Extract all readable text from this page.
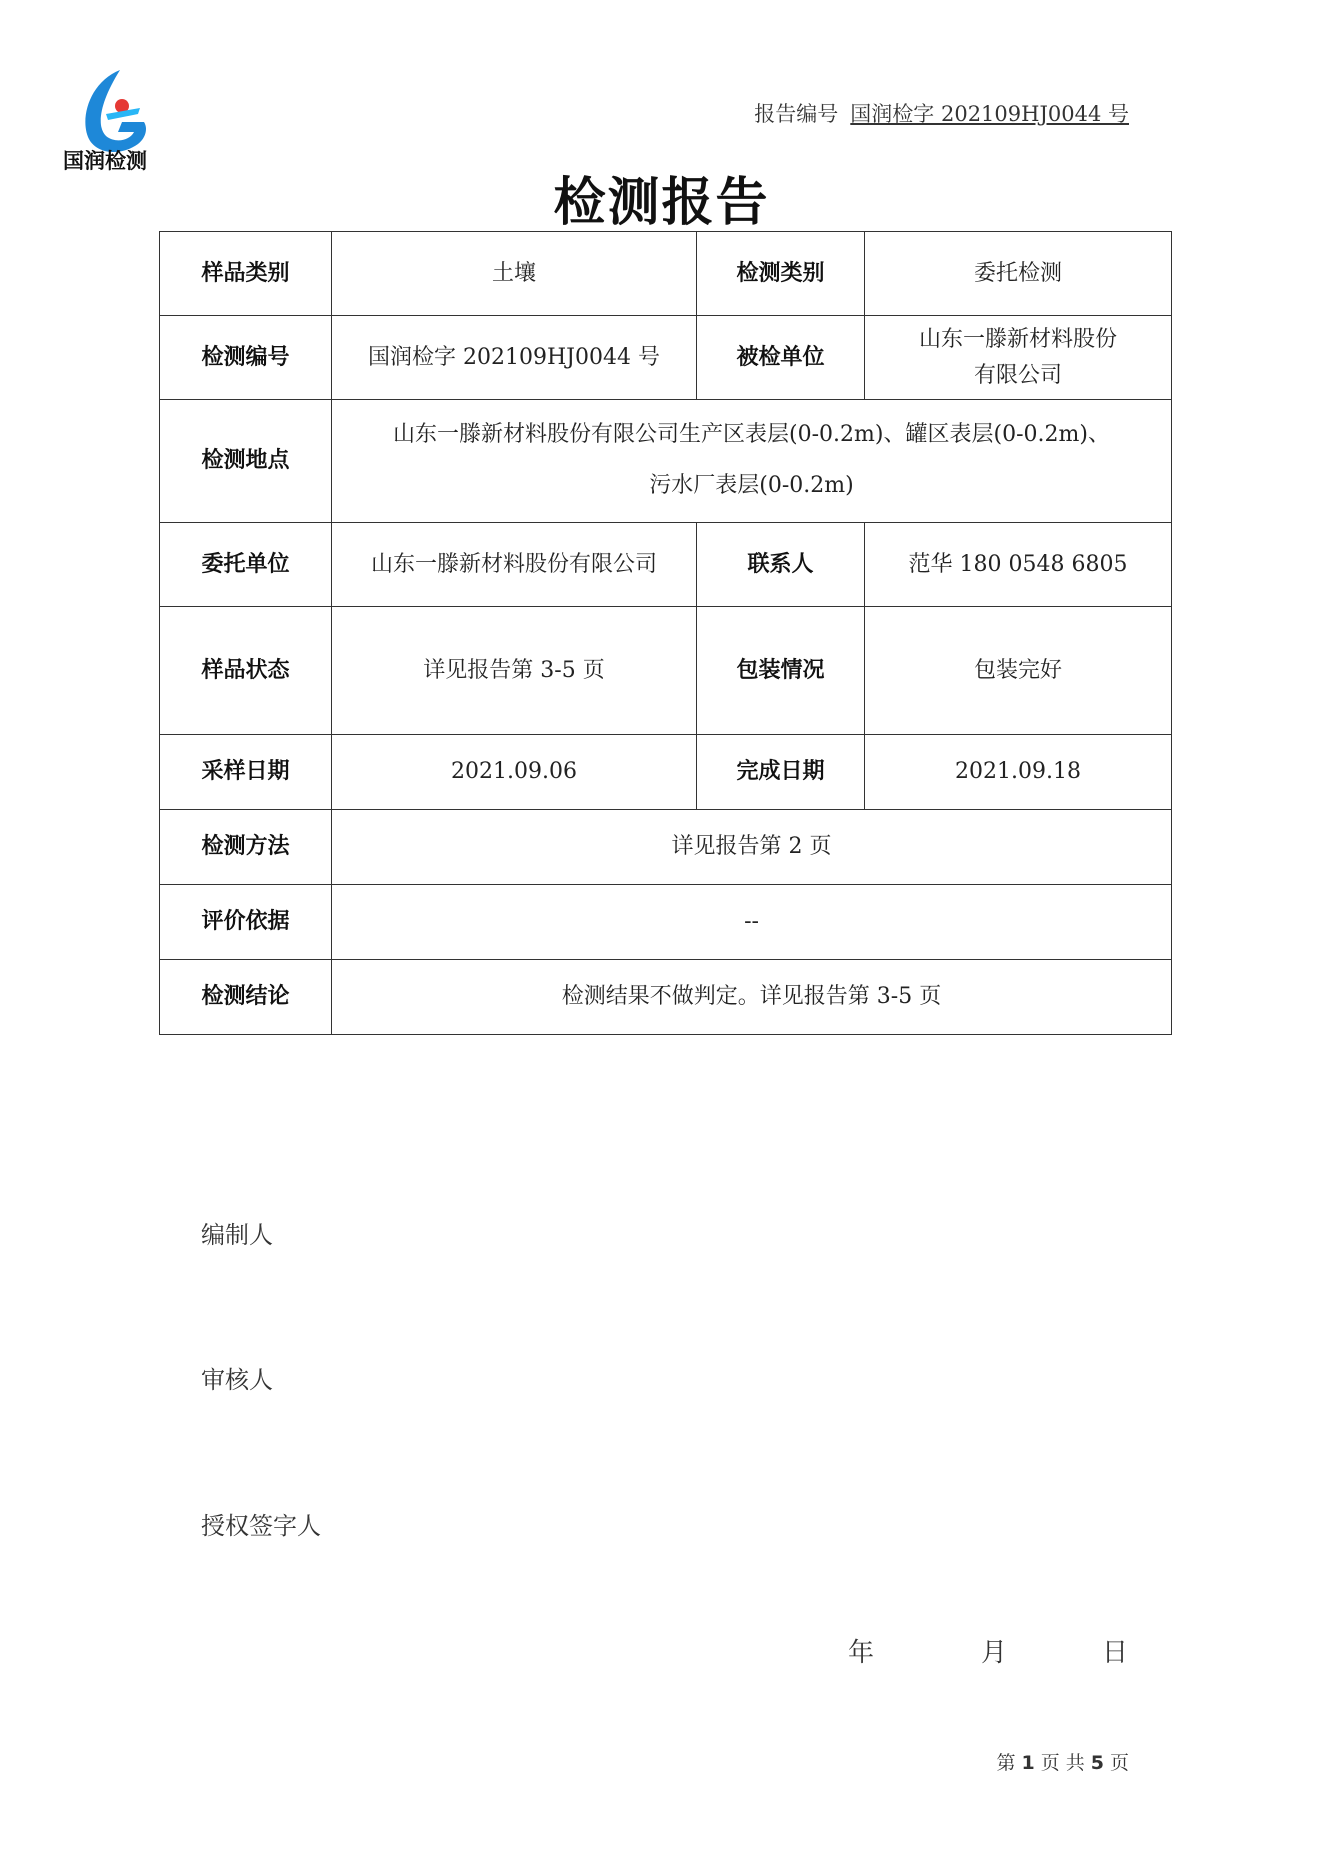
国润检测
报告编号 国润检字 202109HJ0044 号
检测报告
样品类别	土壤	检测类别	委托检测
检测编号	国润检字 202109HJ0044 号	被检单位	山东一滕新材料股份
有限公司

检测地点	山东一滕新材料股份有限公司生产区表层(0-0.2m)、罐区表层(0-0.2m)、
污水厂表层(0-0.2m)		

委托单位	山东一滕新材料股份有限公司	联系人	范华 180 0548 6805
样品状态	详见报告第 3-5 页	包装情况	包装完好
采样日期	2021.09.06	完成日期	2021.09.18
检测方法	详见报告第 2 页		
评价依据	--		
检测结论	检测结果不做判定。详见报告第 3-5 页		
编制人
审核人
授权签字人
年	月	日
第 1 页 共 5 页
